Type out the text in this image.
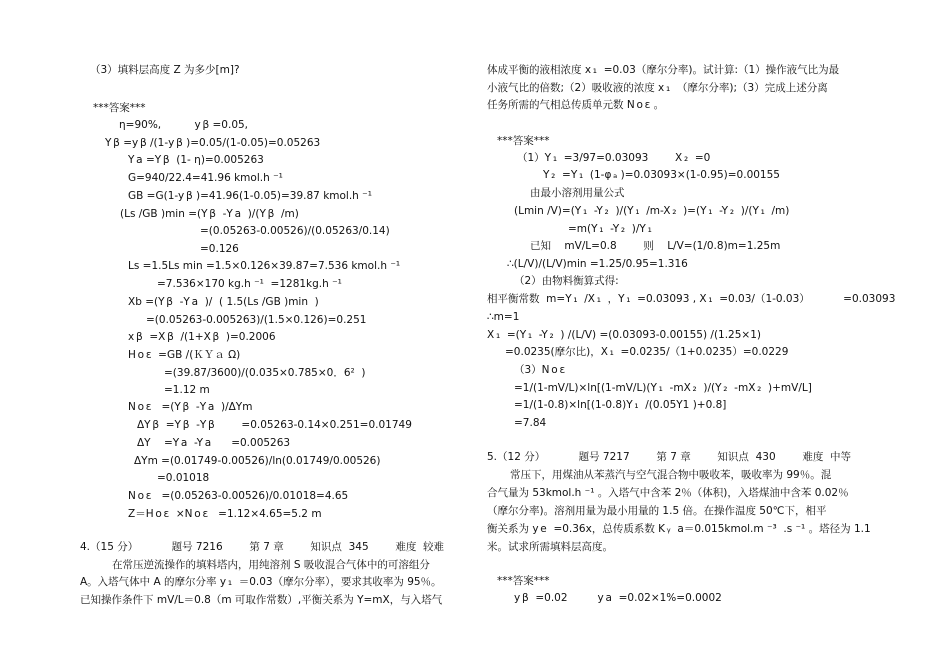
（3）填料层高度 Z 为多少[m]?
***答案***
η=90%,          y β =0.05,
Y β =y β /(1-y β )=0.05/(1-0.05)=0.05263
Y a =Y β  (1- η)=0.005263
G=940/22.4=41.96 kmol.h ⁻¹
GB =G(1-y β )=41.96(1-0.05)=39.87 kmol.h ⁻¹
(Ls /GB )min =(Y β  -Y a  )/(Y β  /m)
=(0.05263-0.00526)/(0.05263/0.14)
=0.126
Ls =1.5Ls min =1.5×0.126×39.87=7.536 kmol.h ⁻¹
=7.536×170 kg.h ⁻¹  =1281kg.h ⁻¹
Xb =(Y β  -Y a  )/  ( 1.5(Ls /GB )min  )
=(0.05263-0.005263)/(1.5×0.126)=0.251
x β  =X β  /(1+X β  )=0.2006
H o ε  =GB /(ＫＹａ Ω)
=(39.87/3600)/(0.035×0.785×0．6²  )
=1.12 m
N o ε   =(Y β  -Y a  )/ΔYm
ΔY β  =Y β  -Y β        =0.05263-0.14×0.251=0.01749
ΔY    =Y a  -Y a      =0.005263
ΔYm =(0.01749-0.00526)/ln(0.01749/0.00526)
=0.01018
N o ε   =(0.05263-0.00526)/0.01018=4.65
Z＝H o ε  ×N o ε   =1.12×4.65=5.2 m
4.（15 分）          题号 7216        第 7 章        知识点  345        难度  较难
在常压逆流操作的填料塔内，用纯溶剂 S 吸收混合气体中的可溶组分
A。入塔气体中 A 的摩尔分率 y ₁  ＝0.03（摩尔分率），要求其收率为 95％。
已知操作条件下 mV/L＝0.8（m 可取作常数）,平衡关系为 Y=mX，与入塔气
体成平衡的液相浓度 x ₁  =0.03（摩尔分率)。试计算:（1）操作液气比为最
小液气比的倍数;（2）吸收液的浓度 x ₁  （摩尔分率);（3）完成上述分离
任务所需的气相总传质单元数 N o ε 。
***答案***
（1）Y ₁  =3/97=0.03093        X ₂  =0
Y ₂  =Y ₁  (1-φ ₐ )=0.03093×(1-0.95)=0.00155
由最小溶剂用量公式
(Lmin /V)=(Y ₁  -Y ₂  )/(Y ₁  /m-X ₂  )=(Y ₁  -Y ₂  )/(Y ₁  /m)
=m(Y ₁  -Y ₂  )/Y ₁
已知    mV/L=0.8        则    L/V=(1/0.8)m=1.25m
∴(L/V)/(L/V)min =1.25/0.95=1.316
（2）由物料衡算式得:
相平衡常数  m=Y ₁  /X ₁  ，Y ₁  =0.03093 , X ₁  =0.03/（1-0.03）          =0.03093
∴m=1
X ₁  =(Y ₁  -Y ₂  ) /(L/V) =(0.03093-0.00155) /(1.25×1)
=0.0235(摩尔比)，X ₁  =0.0235/（1+0.0235）=0.0229
（3）N o ε
=1/(1-mV/L)×ln[(1-mV/L)(Y ₁  -mX ₂  )/(Y ₂  -mX ₂  )+mV/L]
=1/(1-0.8)×ln[(1-0.8)Y ₁  /(0.05Y1 )+0.8]
=7.84
5.（12 分）          题号 7217        第 7 章        知识点  430        难度  中等
常压下，用煤油从苯蒸汽与空气混合物中吸收苯，吸收率为 99％。混
合气量为 53kmol.h ⁻¹ 。入塔气中含苯 2％（体积)，入塔煤油中含苯 0.02％
（摩尔分率)。溶剂用量为最小用量的 1.5 倍。在操作温度 50℃下，相平
衡关系为 y e  =0.36x，总传质系数 K ᵧ  a＝0.015kmol.m ⁻³  .s ⁻¹ 。塔径为 1.1
米。试求所需填料层高度。
***答案***
y β  =0.02         y a  =0.02×1%=0.0002
